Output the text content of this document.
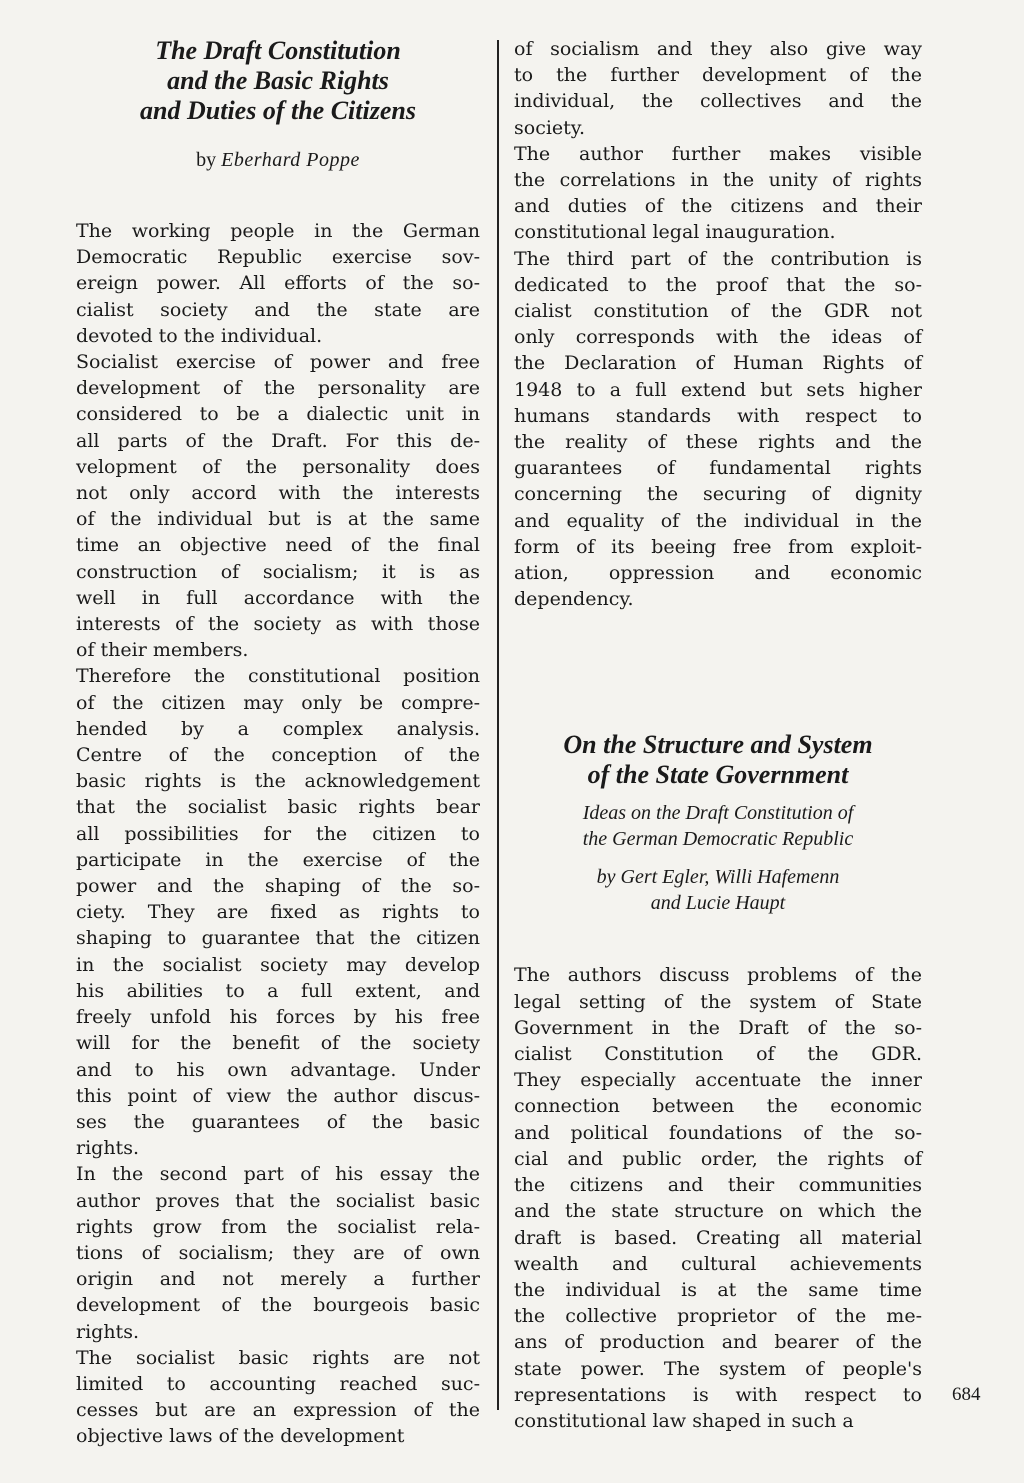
The Draft Constitution
and the Basic Rights
and Duties of the Citizens
by Eberhard Poppe

The working people in the German
Democratic Republic exercise sov-
ereign power. All efforts of the so-
cialist society and the state are
devoted to the individual.

Socialist exercise of power and free
development of the personality are
considered to be a dialectic unit in
all parts of the Draft. For this de-
velopment of the personality does
not only accord with the interests
of the individual but is at the same
time an objective need of the final
construction of socialism; it is as
well in full accordance with the
interests of the society as with those
of their members.

Therefore the constitutional position
of the citizen may only be compre-
hended by a complex analysis.
Centre of the conception of the
basic rights is the acknowledgement
that the socialist basic rights bear
all possibilities for the citizen to
participate in the exercise of the
power and the shaping of the so-
ciety. They are fixed as rights to
shaping to guarantee that the citizen
in the socialist society may develop
his abilities to a full extent, and
freely unfold his forces by his free
will for the benefit of the society
and to his own advantage. Under
this point of view the author discus-
ses the guarantees of the basic
rights.

In the second part of his essay the
author proves that the socialist basic
rights grow from the socialist rela-
tions of socialism; they are of own
origin and not merely a further
development of the bourgeois basic
rights.

The socialist basic rights are not
limited to accounting reached suc-
cesses but are an expression of the
objective laws of the development

of socialism and they also give way
to the further development of the
individual, the collectives and the
society.

The author further makes visible
the correlations in the unity of rights
and duties of the citizens and their
constitutional legal inauguration.

The third part of the contribution is
dedicated to the proof that the so-
cialist constitution of the GDR not
only corresponds with the ideas of
the Declaration of Human Rights of
1948 to a full extend but sets higher
humans standards with respect to
the reality of these rights and the
guarantees of fundamental rights
concerning the securing of dignity
and equality of the individual in the
form of its beeing free from exploit-
ation, oppression and economic
dependency.

On the Structure and System
of the State Government
Ideas on the Draft Constitution of
the German Democratic Republic
by Gert Egler, Willi Hafemenn
and Lucie Haupt

The authors discuss problems of the
legal setting of the system of State
Government in the Draft of the so-
cialist Constitution of the GDR.
They especially accentuate the inner
connection between the economic
and political foundations of the so-
cial and public order, the rights of
the citizens and their communities
and the state structure on which the
draft is based. Creating all material
wealth and cultural achievements
the individual is at the same time
the collective proprietor of the me-
ans of production and bearer of the
state power. The system of people's
representations is with respect to
constitutional law shaped in such a

684
